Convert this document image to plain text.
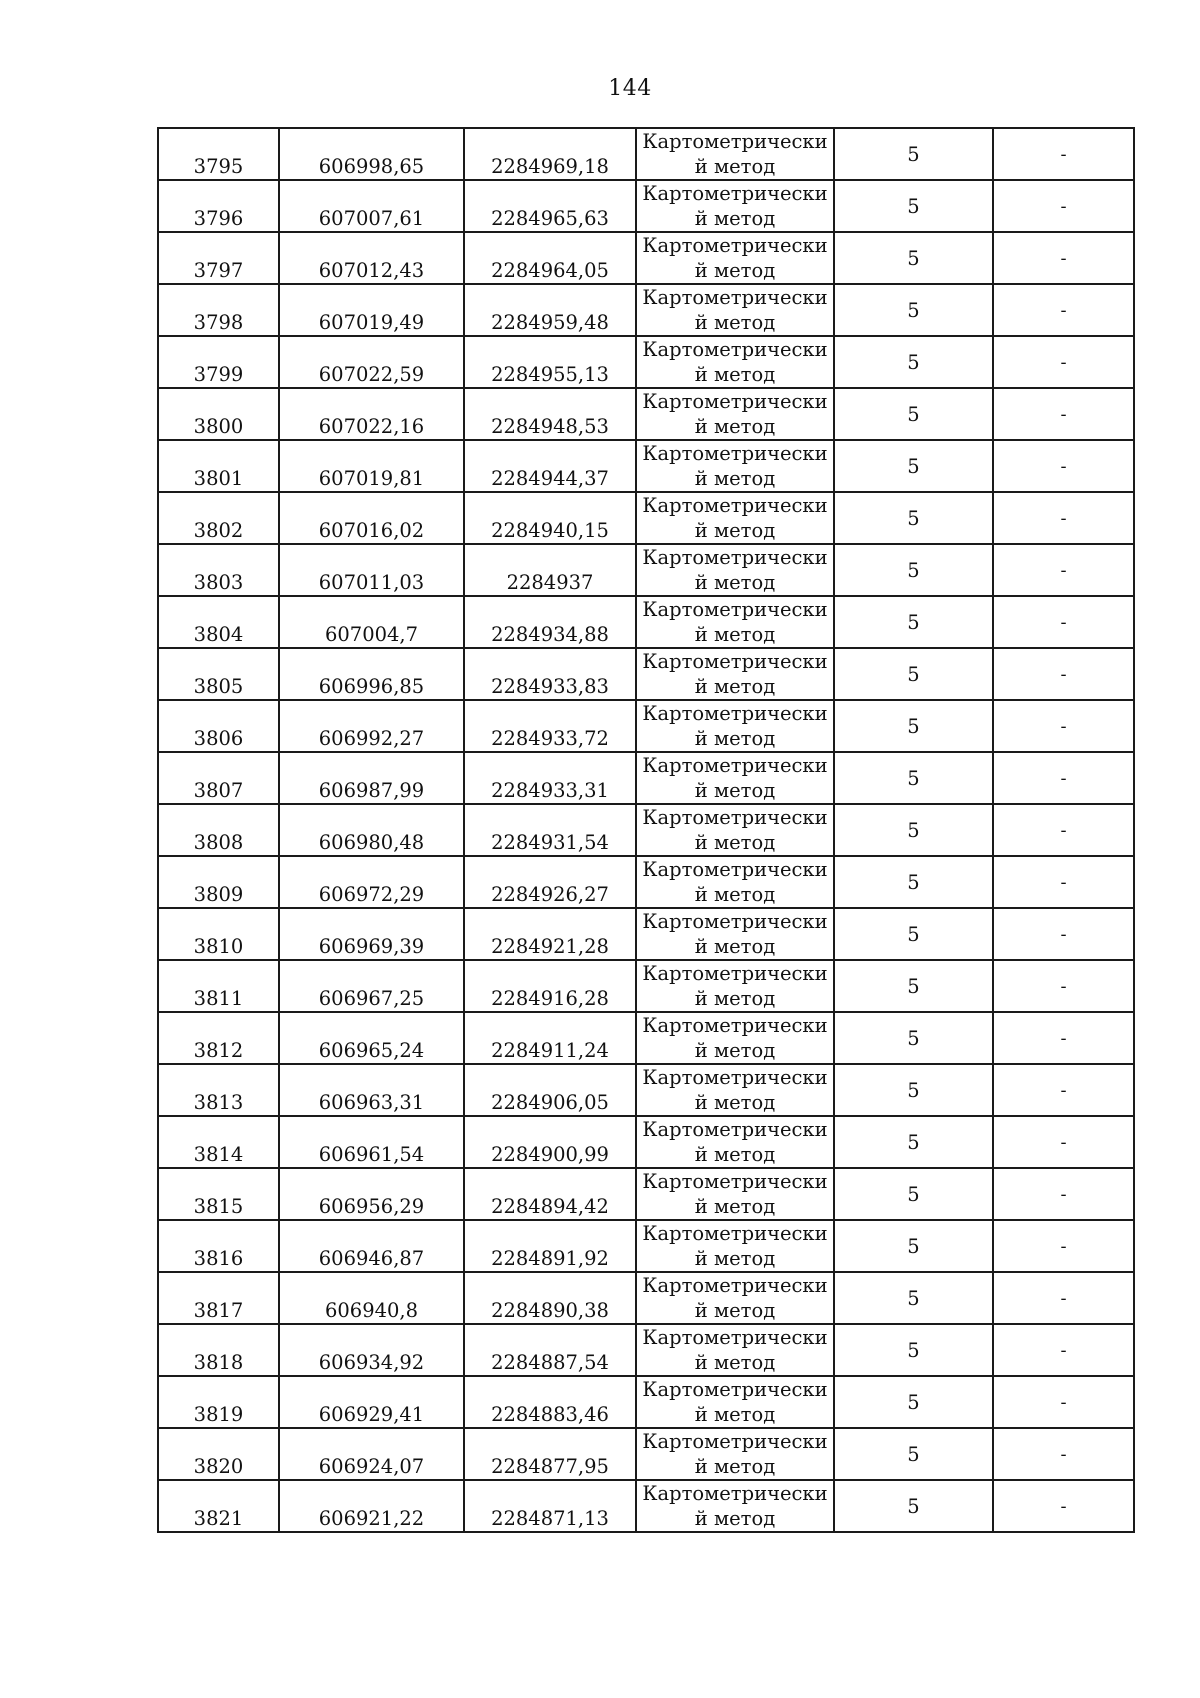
144
3795	606998,65	2284969,18	Картометрически
й метод	5	-
3796	607007,61	2284965,63	Картометрически
й метод	5	-
3797	607012,43	2284964,05	Картометрически
й метод	5	-
3798	607019,49	2284959,48	Картометрически
й метод	5	-
3799	607022,59	2284955,13	Картометрически
й метод	5	-
3800	607022,16	2284948,53	Картометрически
й метод	5	-
3801	607019,81	2284944,37	Картометрически
й метод	5	-
3802	607016,02	2284940,15	Картометрически
й метод	5	-
3803	607011,03	2284937	Картометрически
й метод	5	-
3804	607004,7	2284934,88	Картометрически
й метод	5	-
3805	606996,85	2284933,83	Картометрически
й метод	5	-
3806	606992,27	2284933,72	Картометрически
й метод	5	-
3807	606987,99	2284933,31	Картометрически
й метод	5	-
3808	606980,48	2284931,54	Картометрически
й метод	5	-
3809	606972,29	2284926,27	Картометрически
й метод	5	-
3810	606969,39	2284921,28	Картометрически
й метод	5	-
3811	606967,25	2284916,28	Картометрически
й метод	5	-
3812	606965,24	2284911,24	Картометрически
й метод	5	-
3813	606963,31	2284906,05	Картометрически
й метод	5	-
3814	606961,54	2284900,99	Картометрически
й метод	5	-
3815	606956,29	2284894,42	Картометрически
й метод	5	-
3816	606946,87	2284891,92	Картометрически
й метод	5	-
3817	606940,8	2284890,38	Картометрически
й метод	5	-
3818	606934,92	2284887,54	Картометрически
й метод	5	-
3819	606929,41	2284883,46	Картометрически
й метод	5	-
3820	606924,07	2284877,95	Картометрически
й метод	5	-
3821	606921,22	2284871,13	Картометрически
й метод	5	-
